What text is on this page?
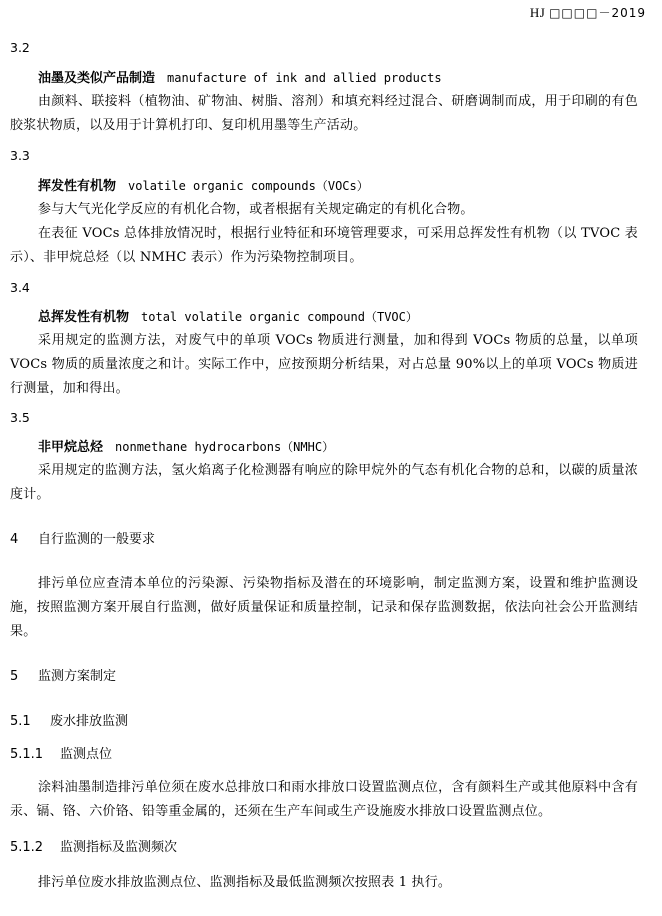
HJ □□□□－2019
3.2
油墨及类似产品制造 manufacture of ink and allied products
由颜料、联接料（植物油、矿物油、树脂、溶剂）和填充料经过混合、研磨调制而成，用于印刷的有色胶浆状物质，以及用于计算机打印、复印机用墨等生产活动。
3.3
挥发性有机物 volatile organic compounds（VOCs）
参与大气光化学反应的有机化合物，或者根据有关规定确定的有机化合物。
在表征 VOCs 总体排放情况时，根据行业特征和环境管理要求，可采用总挥发性有机物（以 TVOC 表示）、非甲烷总烃（以 NMHC 表示）作为污染物控制项目。
3.4
总挥发性有机物 total volatile organic compound（TVOC）
采用规定的监测方法，对废气中的单项 VOCs 物质进行测量，加和得到 VOCs 物质的总量，以单项 VOCs 物质的质量浓度之和计。实际工作中，应按预期分析结果，对占总量 90%以上的单项 VOCs 物质进行测量，加和得出。
3.5
非甲烷总烃 nonmethane hydrocarbons（NMHC）
采用规定的监测方法，氢火焰离子化检测器有响应的除甲烷外的气态有机化合物的总和，以碳的质量浓度计。
4 自行监测的一般要求
排污单位应查清本单位的污染源、污染物指标及潜在的环境影响，制定监测方案，设置和维护监测设施，按照监测方案开展自行监测，做好质量保证和质量控制，记录和保存监测数据，依法向社会公开监测结果。
5 监测方案制定
5.1 废水排放监测
5.1.1 监测点位
涂料油墨制造排污单位须在废水总排放口和雨水排放口设置监测点位，含有颜料生产或其他原料中含有汞、镉、铬、六价铬、铅等重金属的，还须在生产车间或生产设施废水排放口设置监测点位。
5.1.2 监测指标及监测频次
排污单位废水排放监测点位、监测指标及最低监测频次按照表 1 执行。
